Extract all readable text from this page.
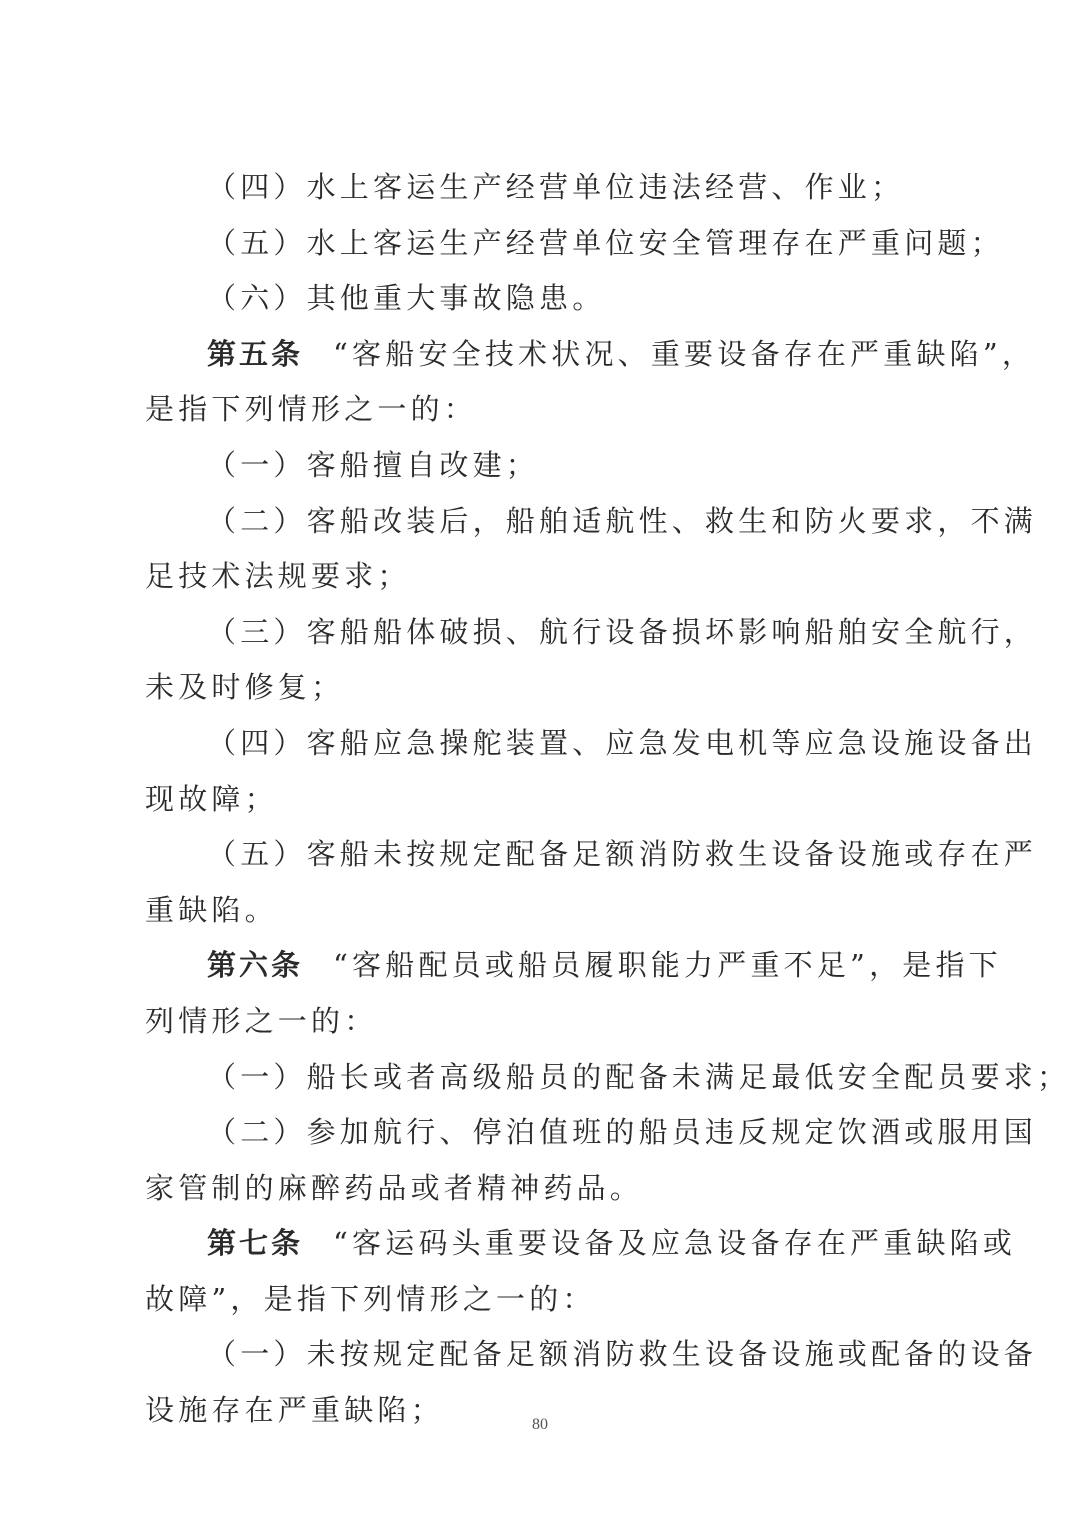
（四）水上客运生产经营单位违法经营、作业；
（五）水上客运生产经营单位安全管理存在严重问题；
（六）其他重大事故隐患。
第五条 “客船安全技术状况、重要设备存在严重缺陷”，
是指下列情形之一的：
（一）客船擅自改建；
（二）客船改装后，船舶适航性、救生和防火要求，不满
足技术法规要求；
（三）客船船体破损、航行设备损坏影响船舶安全航行，
未及时修复；
（四）客船应急操舵装置、应急发电机等应急设施设备出
现故障；
（五）客船未按规定配备足额消防救生设备设施或存在严
重缺陷。
第六条 “客船配员或船员履职能力严重不足”，是指下
列情形之一的：
（一）船长或者高级船员的配备未满足最低安全配员要求；
（二）参加航行、停泊值班的船员违反规定饮酒或服用国
家管制的麻醉药品或者精神药品。
第七条 “客运码头重要设备及应急设备存在严重缺陷或
故障”，是指下列情形之一的：
（一）未按规定配备足额消防救生设备设施或配备的设备
设施存在严重缺陷；	80
